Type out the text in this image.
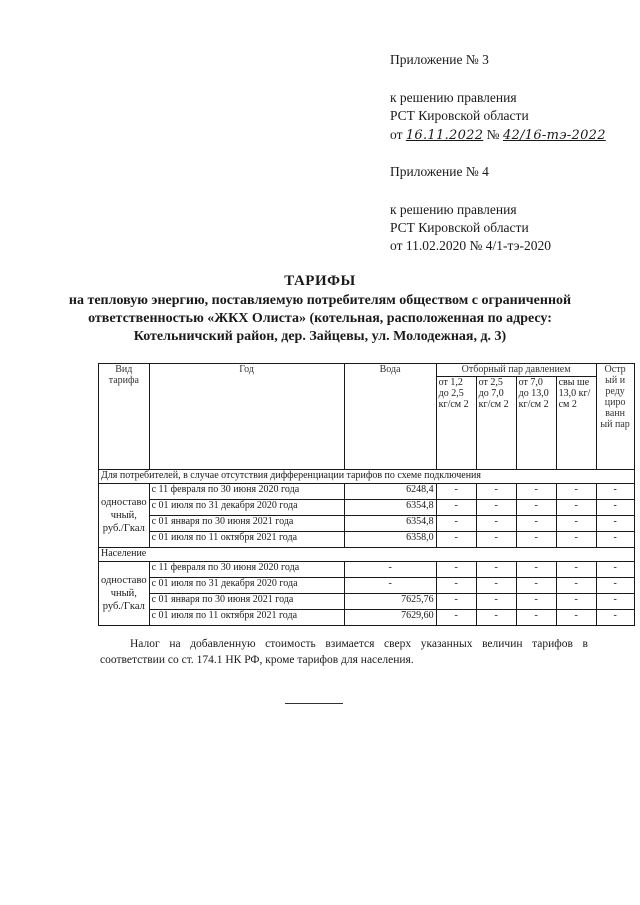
Приложение № 3
к решению правления
РСТ Кировской области
от 16.11.2022 № 42/16-тэ-2022
Приложение № 4
к решению правления
РСТ Кировской области
от 11.02.2020 № 4/1-тэ-2020
ТАРИФЫ
на тепловую энергию, поставляемую потребителям обществом с ограниченной ответственностью «ЖКХ Олиста» (котельная, расположенная по адресу: Котельничский район, дер. Зайцевы, ул. Молодежная, д. 3)
Вид тарифа	Год	Вода	Отборный пар давлением				Остр ый и реду циро ванн ый пар
			от 1,2 до 2,5 кг/см 2	от 2,5 до 7,0 кг/см 2	от 7,0 до 13,0 кг/см 2	свы ше 13,0 кг/см 2	
Для потребителей, в случае отсутствия дифференциации тарифов по схеме подключения							
одноставо чный, руб./Гкал	с 11 февраля по 30 июня 2020 года	6248,4	-	-	-	-	-
	с 01 июля по 31 декабря 2020 года	6354,8	-	-	-	-	-
	с 01 января по 30 июня 2021 года	6354,8	-	-	-	-	-
	с 01 июля по 11 октября 2021 года	6358,0	-	-	-	-	-
Население							
одноставо чный, руб./Гкал	с 11 февраля по 30 июня 2020 года	-	-	-	-	-	-
	с 01 июля по 31 декабря 2020 года	-	-	-	-	-	-
	с 01 января по 30 июня 2021 года	7625,76	-	-	-	-	-
	с 01 июля по 11 октября 2021 года	7629,60	-	-	-	-	-
Налог на добавленную стоимость взимается сверх указанных величин тарифов в соответствии со ст. 174.1 НК РФ, кроме тарифов для населения.
